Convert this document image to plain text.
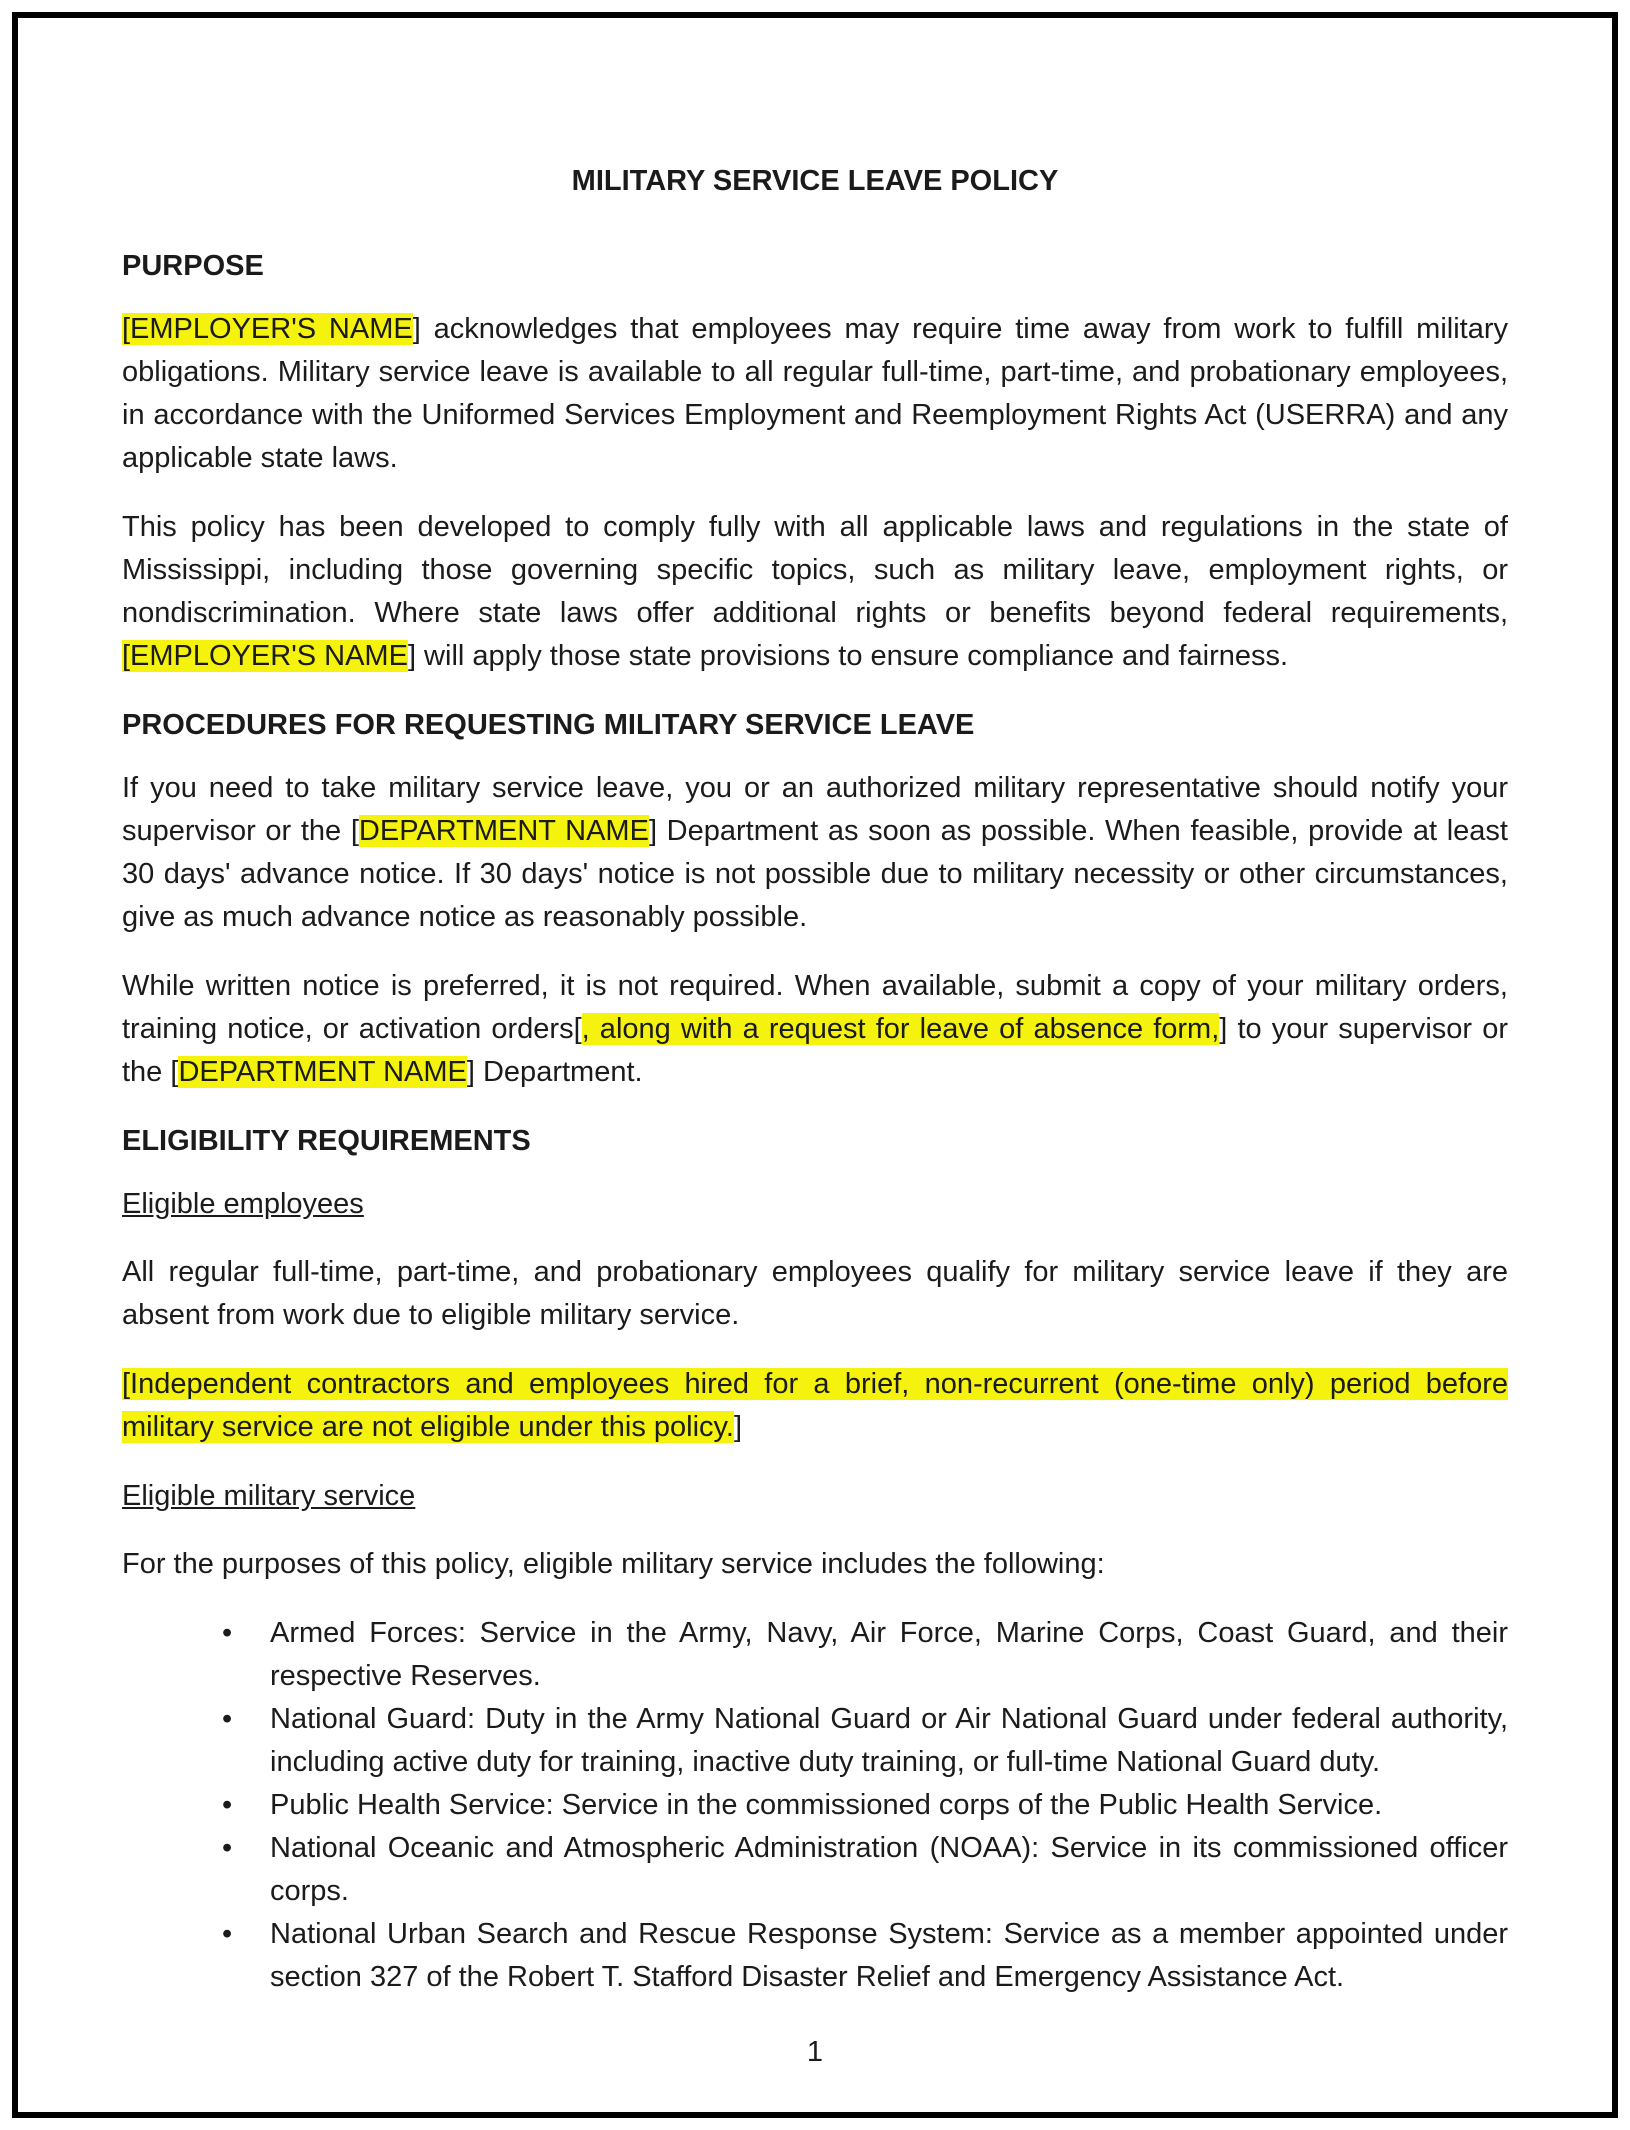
MILITARY SERVICE LEAVE POLICY
PURPOSE

[EMPLOYER'S NAME] acknowledges that employees may require time away from work to fulfill military obligations. Military service leave is available to all regular full-time, part-time, and probationary employees, in accordance with the Uniformed Services Employment and Reemployment Rights Act (USERRA) and any applicable state laws.

This policy has been developed to comply fully with all applicable laws and regulations in the state of Mississippi, including those governing specific topics, such as military leave, employment rights, or nondiscrimination. Where state laws offer additional rights or benefits beyond federal requirements, [EMPLOYER'S NAME] will apply those state provisions to ensure compliance and fairness.

PROCEDURES FOR REQUESTING MILITARY SERVICE LEAVE

If you need to take military service leave, you or an authorized military representative should notify your supervisor or the [DEPARTMENT NAME] Department as soon as possible. When feasible, provide at least 30 days' advance notice. If 30 days' notice is not possible due to military necessity or other circumstances, give as much advance notice as reasonably possible.

While written notice is preferred, it is not required. When available, submit a copy of your military orders, training notice, or activation orders[, along with a request for leave of absence form,] to your supervisor or the [DEPARTMENT NAME] Department.

ELIGIBILITY REQUIREMENTS
Eligible employees

All regular full-time, part-time, and probationary employees qualify for military service leave if they are absent from work due to eligible military service.

[Independent contractors and employees hired for a brief, non-recurrent (one-time only) period before military service are not eligible under this policy.]

Eligible military service

For the purposes of this policy, eligible military service includes the following:

• Armed Forces: Service in the Army, Navy, Air Force, Marine Corps, Coast Guard, and their respective Reserves.
• National Guard: Duty in the Army National Guard or Air National Guard under federal authority, including active duty for training, inactive duty training, or full-time National Guard duty.
• Public Health Service: Service in the commissioned corps of the Public Health Service.
• National Oceanic and Atmospheric Administration (NOAA): Service in its commissioned officer corps.
• National Urban Search and Rescue Response System: Service as a member appointed under section 327 of the Robert T. Stafford Disaster Relief and Emergency Assistance Act.
1
